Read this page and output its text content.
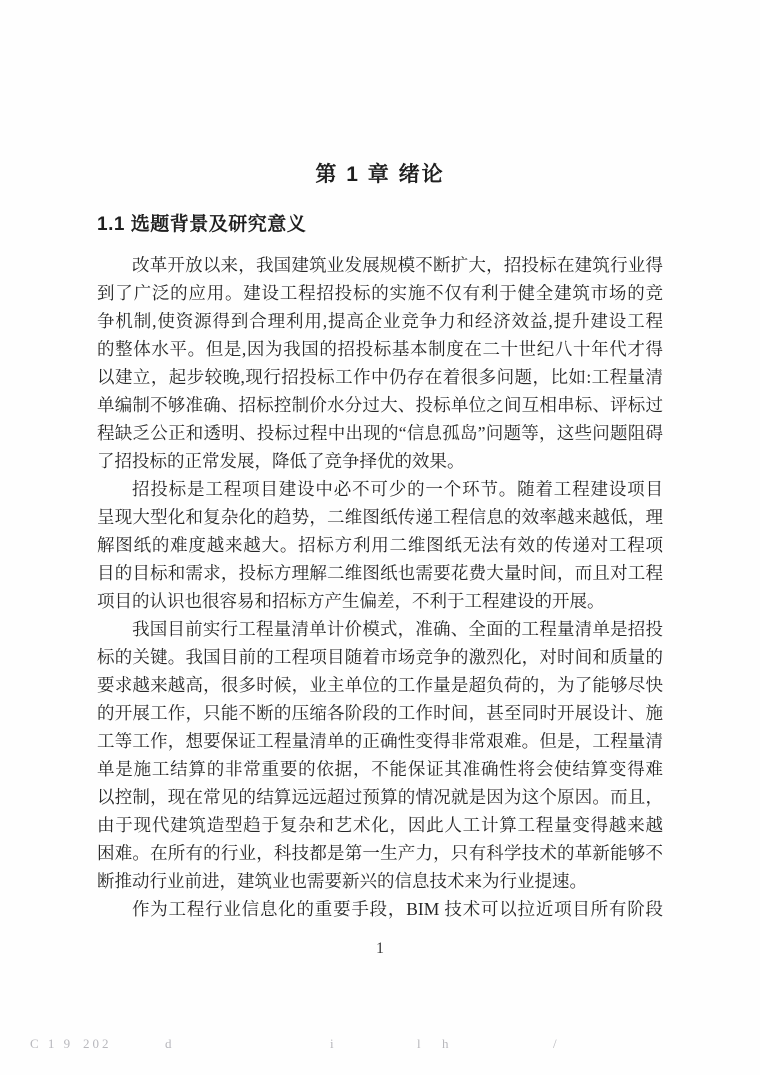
第 1 章 绪论
1.1 选题背景及研究意义
改革开放以来，我国建筑业发展规模不断扩大，招投标在建筑行业得
到了广泛的应用。建设工程招投标的实施不仅有利于健全建筑市场的竞
争机制,使资源得到合理利用,提高企业竞争力和经济效益,提升建设工程
的整体水平。但是,因为我国的招投标基本制度在二十世纪八十年代才得
以建立，起步较晚,现行招投标工作中仍存在着很多问题，比如:工程量清
单编制不够准确、招标控制价水分过大、投标单位之间互相串标、评标过
程缺乏公正和透明、投标过程中出现的“信息孤岛”问题等，这些问题阻碍
了招投标的正常发展，降低了竞争择优的效果。
招投标是工程项目建设中必不可少的一个环节。随着工程建设项目
呈现大型化和复杂化的趋势，二维图纸传递工程信息的效率越来越低，理
解图纸的难度越来越大。招标方利用二维图纸无法有效的传递对工程项
目的目标和需求，投标方理解二维图纸也需要花费大量时间，而且对工程
项目的认识也很容易和招标方产生偏差，不利于工程建设的开展。
我国目前实行工程量清单计价模式，准确、全面的工程量清单是招投
标的关键。我国目前的工程项目随着市场竞争的激烈化，对时间和质量的
要求越来越高，很多时候，业主单位的工作量是超负荷的，为了能够尽快
的开展工作，只能不断的压缩各阶段的工作时间，甚至同时开展设计、施
工等工作，想要保证工程量清单的正确性变得非常艰难。但是，工程量清
单是施工结算的非常重要的依据，不能保证其准确性将会使结算变得难
以控制，现在常见的结算远远超过预算的情况就是因为这个原因。而且，
由于现代建筑造型趋于复杂和艺术化，因此人工计算工程量变得越来越
困难。在所有的行业，科技都是第一生产力，只有科学技术的革新能够不
断推动行业前进，建筑业也需要新兴的信息技术来为行业提速。
作为工程行业信息化的重要手段，BIM 技术可以拉近项目所有阶段
1
C 1 9 202	d	i	l h	/
